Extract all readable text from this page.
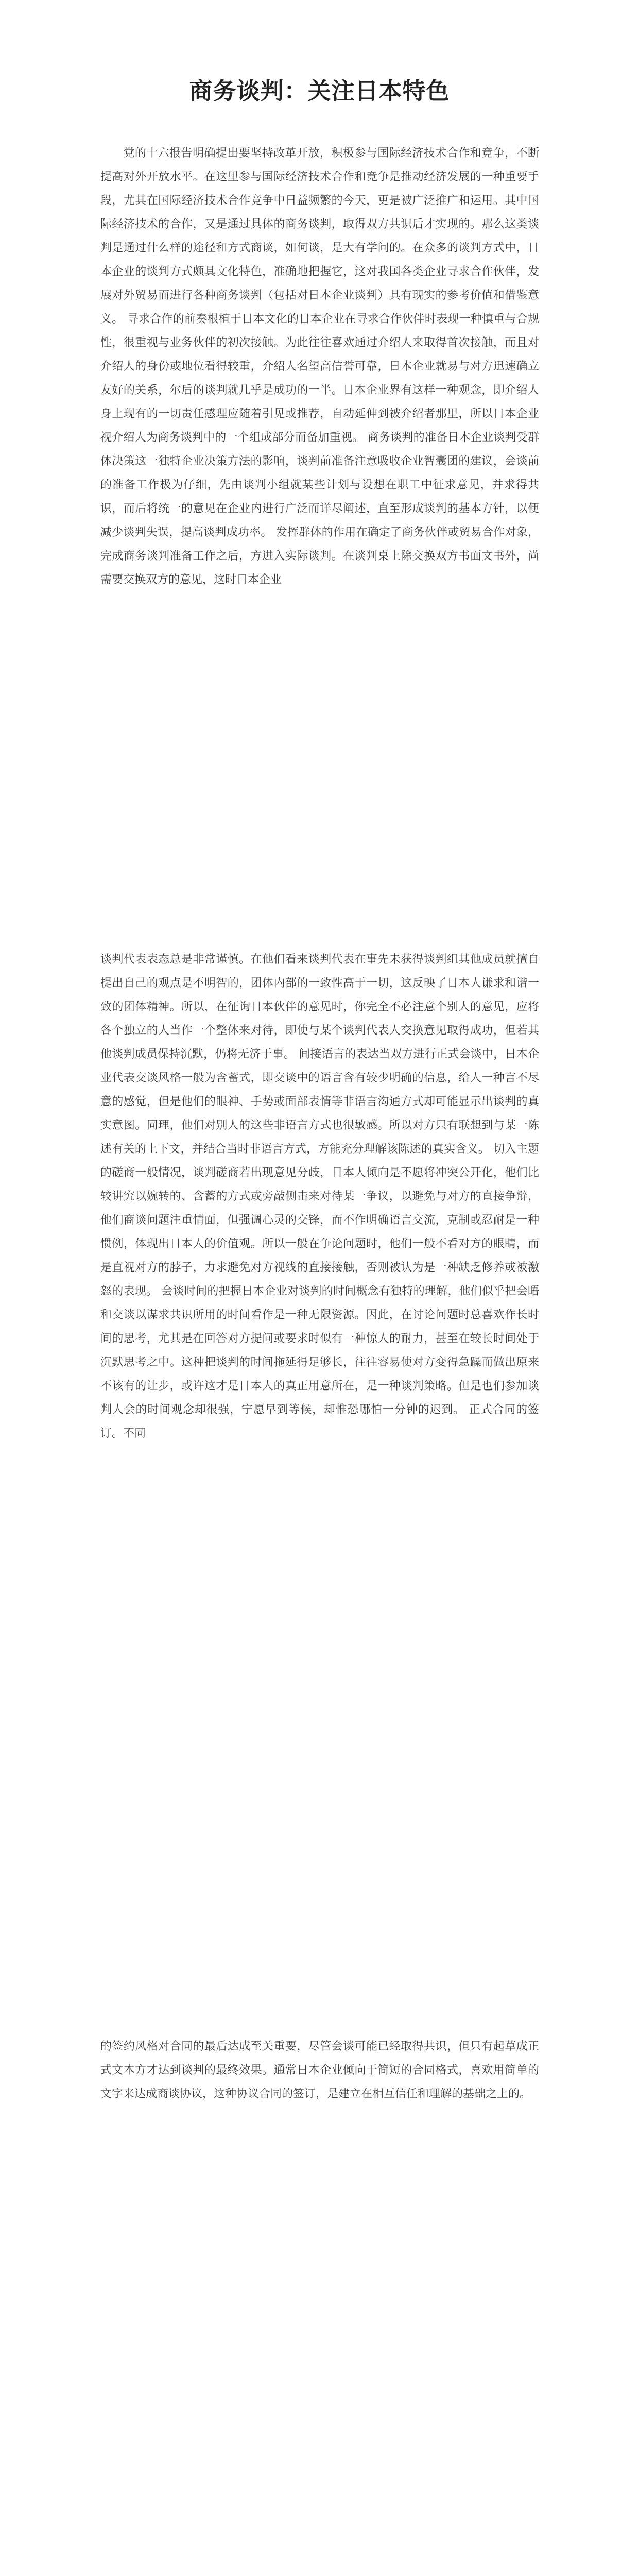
商务谈判：关注日本特色

党的十六报告明确提出要坚持改革开放，积极参与国际经济技术合作和竞争，不断提高对外开放水平。在这里参与国际经济技术合作和竞争是推动经济发展的一种重要手段，尤其在国际经济技术合作竞争中日益频繁的今天，更是被广泛推广和运用。其中国际经济技术的合作，又是通过具体的商务谈判，取得双方共识后才实现的。那么这类谈判是通过什么样的途径和方式商谈，如何谈，是大有学问的。在众多的谈判方式中，日本企业的谈判方式颇具文化特色，准确地把握它，这对我国各类企业寻求合作伙伴，发展对外贸易而进行各种商务谈判（包括对日本企业谈判）具有现实的参考价值和借鉴意义。 寻求合作的前奏根植于日本文化的日本企业在寻求合作伙伴时表现一种慎重与合规性，很重视与业务伙伴的初次接触。为此往往喜欢通过介绍人来取得首次接触，而且对介绍人的身份或地位看得较重，介绍人名望高信誉可靠，日本企业就易与对方迅速确立友好的关系，尔后的谈判就几乎是成功的一半。日本企业界有这样一种观念，即介绍人身上现有的一切责任感理应随着引见或推荐，自动延伸到被介绍者那里，所以日本企业视介绍人为商务谈判中的一个组成部分而备加重视。 商务谈判的准备日本企业谈判受群体决策这一独特企业决策方法的影响，谈判前准备注意吸收企业智囊团的建议，会谈前的准备工作极为仔细，先由谈判小组就某些计划与设想在职工中征求意见，并求得共识，而后将统一的意见在企业内进行广泛而详尽阐述，直至形成谈判的基本方针，以便减少谈判失误，提高谈判成功率。 发挥群体的作用在确定了商务伙伴或贸易合作对象，完成商务谈判准备工作之后，方进入实际谈判。在谈判桌上除交换双方书面文书外，尚需要交换双方的意见，这时日本企业

谈判代表表态总是非常谨慎。在他们看来谈判代表在事先未获得谈判组其他成员就擅自提出自己的观点是不明智的，团体内部的一致性高于一切，这反映了日本人谦求和谐一致的团体精神。所以，在征询日本伙伴的意见时，你完全不必注意个别人的意见，应将各个独立的人当作一个整体来对待，即使与某个谈判代表人交换意见取得成功，但若其他谈判成员保持沉默，仍将无济于事。 间接语言的表达当双方进行正式会谈中，日本企业代表交谈风格一般为含蓄式，即交谈中的语言含有较少明确的信息，给人一种言不尽意的感觉，但是他们的眼神、手势或面部表情等非语言沟通方式却可能显示出谈判的真实意图。同理，他们对别人的这些非语言方式也很敏感。所以对方只有联想到与某一陈述有关的上下文，并结合当时非语言方式，方能充分理解该陈述的真实含义。 切入主题的磋商一般情况，谈判磋商若出现意见分歧，日本人倾向是不愿将冲突公开化，他们比较讲究以婉转的、含蓄的方式或旁敲侧击来对待某一争议，以避免与对方的直接争辩，他们商谈问题注重情面，但强调心灵的交锋，而不作明确语言交流，克制或忍耐是一种惯例，体现出日本人的价值观。所以一般在争论问题时，他们一般不看对方的眼睛，而是直视对方的脖子，力求避免对方视线的直接接触，否则被认为是一种缺乏修养或被激怒的表现。 会谈时间的把握日本企业对谈判的时间概念有独特的理解，他们似乎把会晤和交谈以谋求共识所用的时间看作是一种无限资源。因此，在讨论问题时总喜欢作长时间的思考，尤其是在回答对方提问或要求时似有一种惊人的耐力，甚至在较长时间处于沉默思考之中。这种把谈判的时间拖延得足够长，往往容易使对方变得急躁而做出原来不该有的让步，或许这才是日本人的真正用意所在，是一种谈判策略。但是也们参加谈判人会的时间观念却很强，宁愿早到等候，却惟恐哪怕一分钟的迟到。 正式合同的签订。不同

的签约风格对合同的最后达成至关重要，尽管会谈可能已经取得共识，但只有起草成正式文本方才达到谈判的最终效果。通常日本企业倾向于简短的合同格式，喜欢用简单的文字来达成商谈协议，这种协议合同的签订，是建立在相互信任和理解的基础之上的。
